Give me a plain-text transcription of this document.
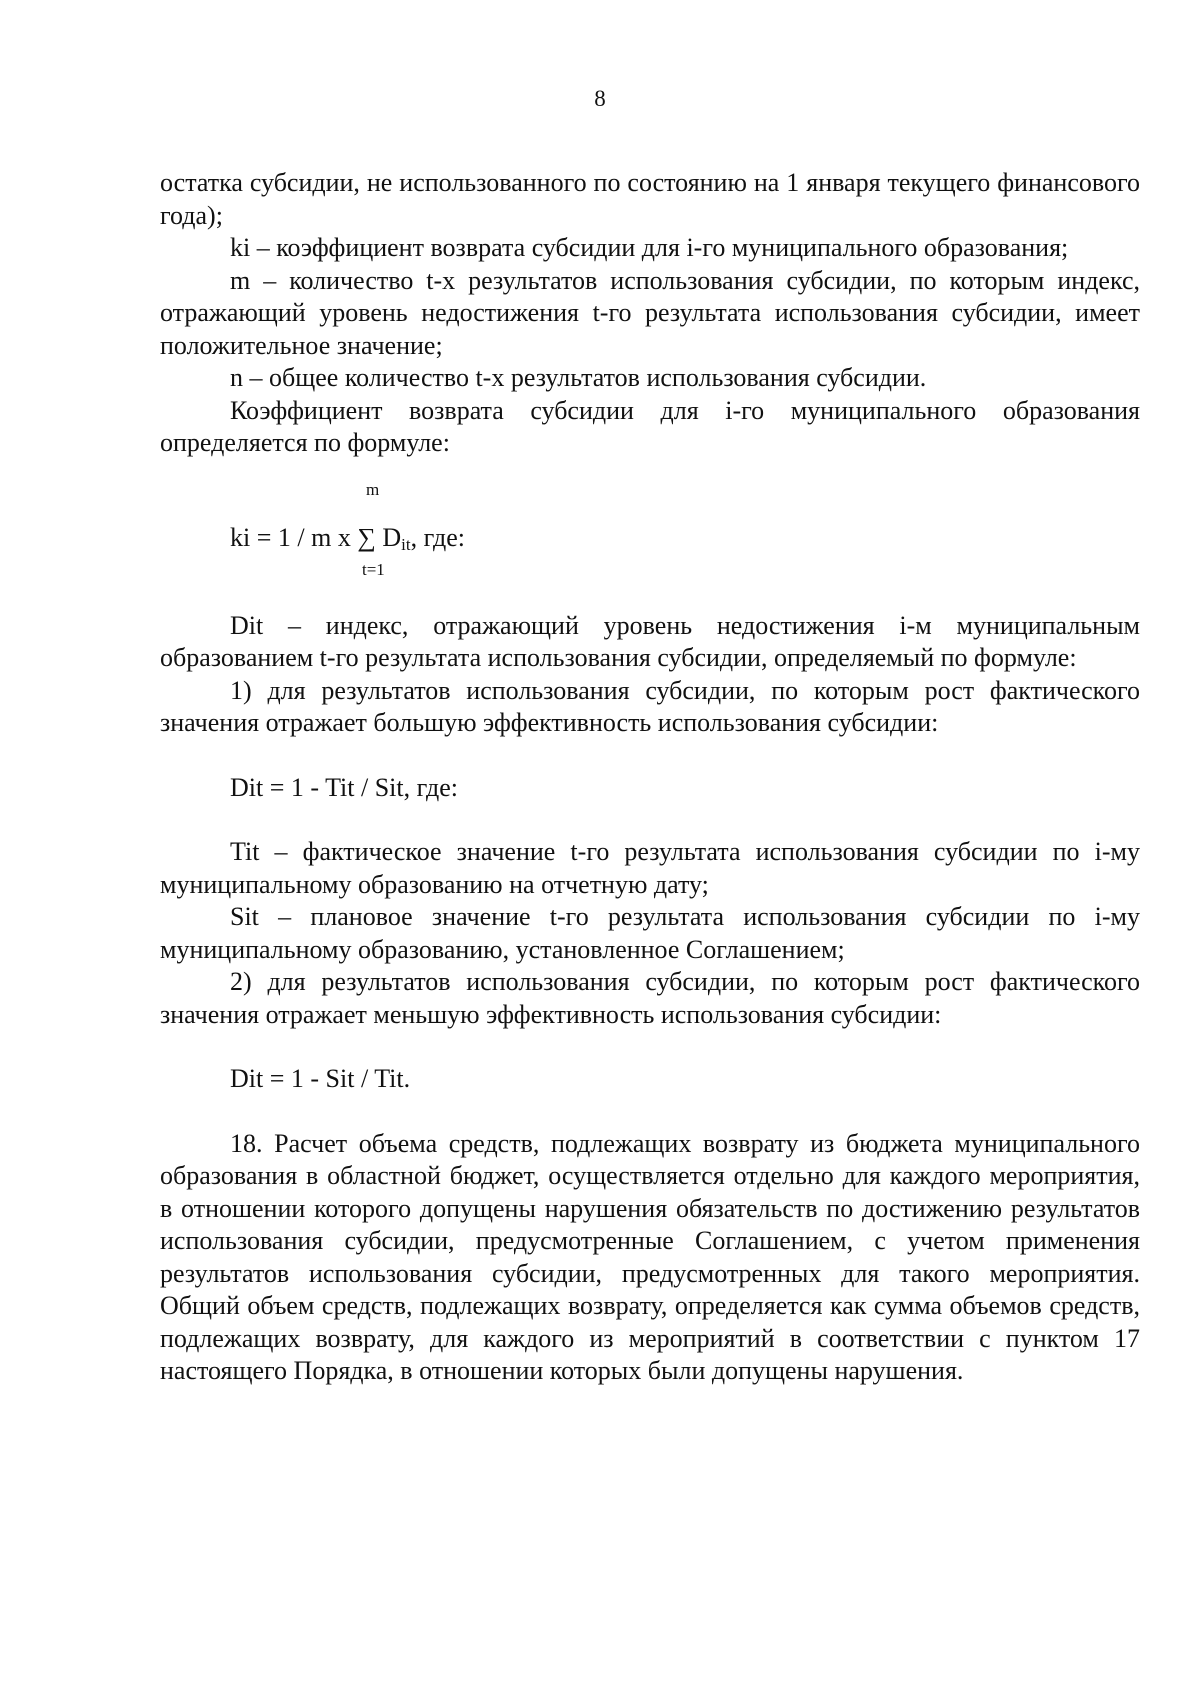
8

остатка субсидии, не использованного по состоянию на 1 января текущего финансового года);

ki – коэффициент возврата субсидии для i-го муниципального образования;

m – количество t-х результатов использования субсидии, по которым индекс, отражающий уровень недостижения t-го результата использования субсидии, имеет положительное значение;

n – общее количество t-х результатов использования субсидии.

Коэффициент возврата субсидии для i-го муниципального образования определяется по формуле:

m
ki = 1 / m x ∑ $D_{it}$, где:
t=1

Dit – индекс, отражающий уровень недостижения i-м муниципальным образованием t-го результата использования субсидии, определяемый по формуле:

1) для результатов использования субсидии, по которым рост фактического значения отражает большую эффективность использования субсидии:

Dit = 1 - Tit / Sit, где:

Tit – фактическое значение t-го результата использования субсидии по i-му муниципальному образованию на отчетную дату;

Sit – плановое значение t-го результата использования субсидии по i-му муниципальному образованию, установленное Соглашением;

2) для результатов использования субсидии, по которым рост фактического значения отражает меньшую эффективность использования субсидии:

Dit = 1 - Sit / Tit.

18. Расчет объема средств, подлежащих возврату из бюджета муниципального образования в областной бюджет, осуществляется отдельно для каждого мероприятия, в отношении которого допущены нарушения обязательств по достижению результатов использования субсидии, предусмотренные Соглашением, с учетом применения результатов использования субсидии, предусмотренных для такого мероприятия. Общий объем средств, подлежащих возврату, определяется как сумма объемов средств, подлежащих возврату, для каждого из мероприятий в соответствии с пунктом 17 настоящего Порядка, в отношении которых были допущены нарушения.
